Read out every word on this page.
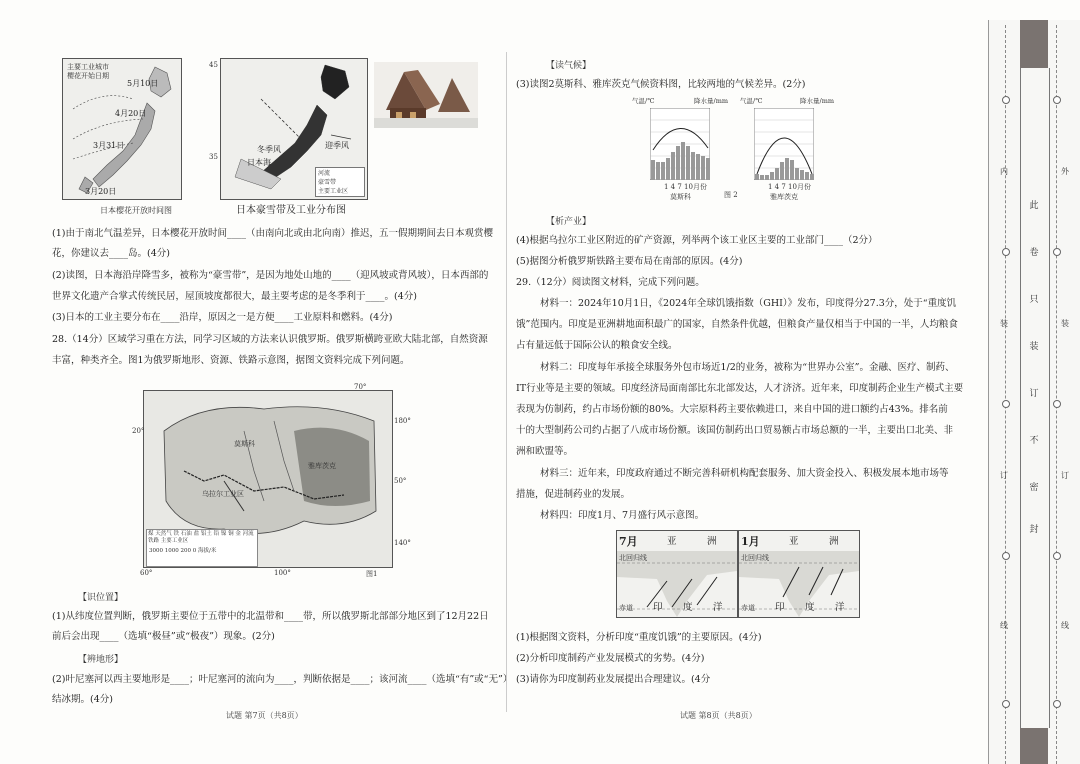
主要工业城市
樱花开始日期
5月10日
4月20日
3月31日
3月20日
日本樱花开放时间图
45
35
冬季风
日本海
迎季风
河流
豪雪带
主要工业区
日本豪雪带及工业分布图
(1)由于南北气温差异，日本樱花开放时间____（由南向北或由北向南）推迟，五一假期期间去日本观赏樱
花，你建议去____岛。(4分)
(2)读图，日本海沿岸降雪多，被称为“豪雪带”，是因为地处山地的____（迎风坡或背风坡），日本西部的
世界文化遗产合掌式传统民居，屋顶坡度都很大，最主要考虑的是冬季利于____。(4分)
(3)日本的工业主要分布在____沿岸，原因之一是方便____工业原料和燃料。(4分)
28.（14分）区域学习重在方法，同学习区域的方法来认识俄罗斯。俄罗斯横跨亚欧大陆北部，自然资源
丰富，种类齐全。图1为俄罗斯地形、资源、铁路示意图，据图文资料完成下列问题。
70°
180°
20°
50°
140°
60°	100°	图1
莫斯科
雅库茨克
乌拉尔工业区
煤 天然气 铁 石油 盐 铝土 铅 镍 铜 金 河流 铁路 主要工业区
3000 1000 200 0 海拔/米
【识位置】
(1)从纬度位置判断，俄罗斯主要位于五带中的北温带和____带，所以俄罗斯北部部分地区到了12月22日
前后会出现____（选填“极昼”或“极夜”）现象。(2分)
【辨地形】
(2)叶尼塞河以西主要地形是____；叶尼塞河的流向为____，判断依据是____；该河流____（选填“有”或“无”）
结冰期。(4分)
试题 第7页（共8页）
【读气候】
(3)读图2莫斯科、雅库茨克气候资料图，比较两地的气候差异。(2分)
气温/℃	降水量/mm
1 4 7 10月份
莫斯科
气温/℃	降水量/mm
1 4 7 10月份
雅库茨克
图 2
【析产业】
(4)根据乌拉尔工业区附近的矿产资源，列举两个该工业区主要的工业部门____（2分）
(5)据图分析俄罗斯铁路主要布局在南部的原因。(4分)
29.（12分）阅读图文材料，完成下列问题。
材料一：2024年10月1日，《2024年全球饥饿指数（GHI）》发布，印度得分27.3分，处于“重度饥
饿”范围内。印度是亚洲耕地面积最广的国家，自然条件优越，但粮食产量仅相当于中国的一半，人均粮食
占有量远低于国际公认的粮食安全线。
材料二：印度每年承接全球服务外包市场近1/2的业务，被称为“世界办公室”。金融、医疗、制药、
IT行业等是主要的领域。印度经济局面南部比东北部发达，人才济济。近年来，印度制药企业生产模式主要
表现为仿制药，约占市场份额的80%。大宗原料药主要依赖进口，来自中国的进口额约占43%。排名前
十的大型制药公司约占据了八成市场份额。该国仿制药出口贸易额占市场总额的一半，主要出口北美、非
洲和欧盟等。
材料三：近年来，印度政府通过不断完善科研机构配套服务、加大资金投入、积极发展本地市场等
措施，促进制药业的发展。
材料四：印度1月、7月盛行风示意图。
7月	亚	洲
北回归线
赤道 印 度 洋
1月	亚	洲
北回归线
赤道 印 度 洋
(1)根据图文资料，分析印度“重度饥饿”的主要原因。(4分)
(2)分析印度制药产业发展模式的劣势。(4分)
(3)请你为印度制药业发展提出合理建议。(4分
试题 第8页（共8页）
此
卷
只
装
订
不
密
封
内
装
订
线
外
装
订
线
